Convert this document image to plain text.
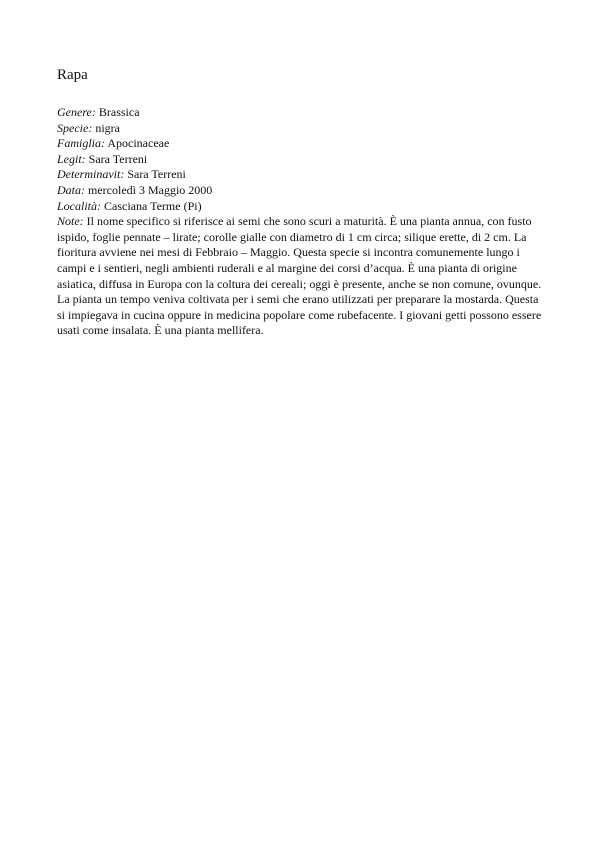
Rapa
Genere: Brassica
Specie: nigra
Famiglia: Apocinaceae
Legit: Sara Terreni
Determinavit: Sara Terreni
Data: mercoledì 3 Maggio 2000
Località: Casciana Terme (Pi)

Note: Il nome specifico si riferisce ai semi che sono scuri a maturità. È una pianta annua, con fusto ispido, foglie pennate – lirate; corolle gialle con diametro di 1 cm circa; silique erette, di 2 cm. La fioritura avviene nei mesi di Febbraio – Maggio. Questa specie si incontra comunemente lungo i campi e i sentieri, negli ambienti ruderali e al margine dei corsi d’acqua. È una pianta di origine asiatica, diffusa in Europa con la coltura dei cereali; oggi è presente, anche se non comune, ovunque. La pianta un tempo veniva coltivata per i semi che erano utilizzati per preparare la mostarda. Questa si impiegava in cucina oppure in medicina popolare come rubefacente. I giovani getti possono essere usati come insalata. È una pianta mellifera.
